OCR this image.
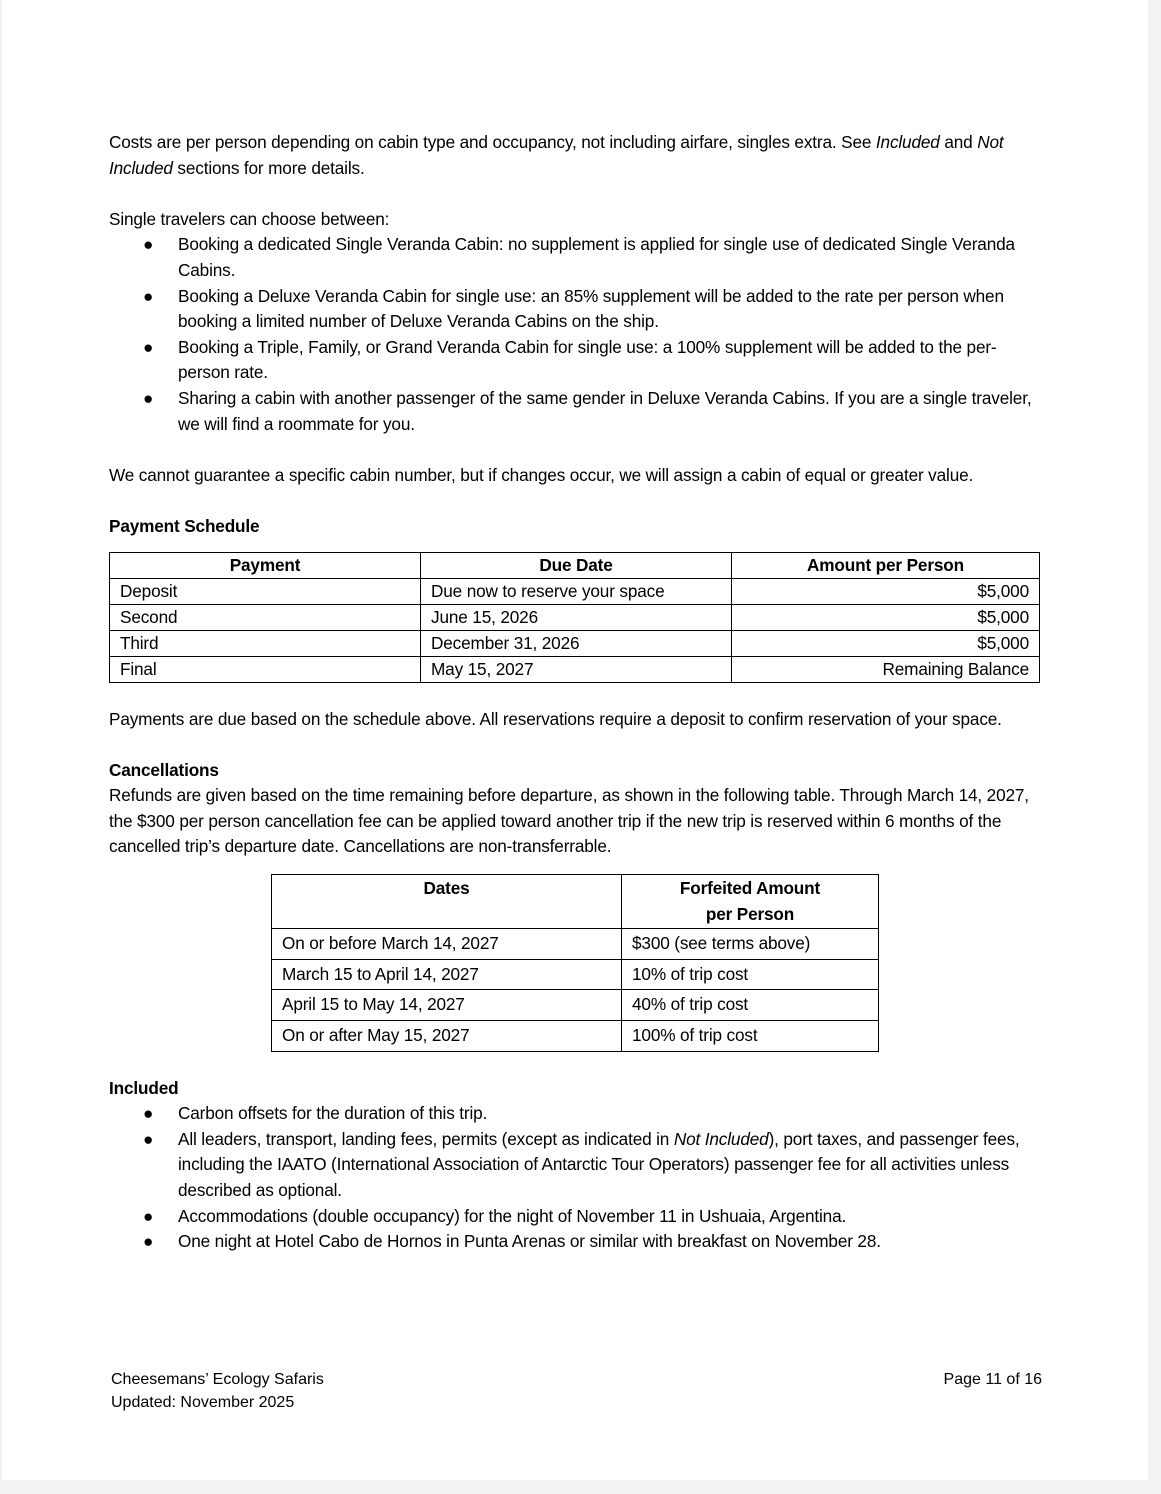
Costs are per person depending on cabin type and occupancy, not including airfare, singles extra. See Included and Not Included sections for more details.

Single travelers can choose between:

● Booking a dedicated Single Veranda Cabin: no supplement is applied for single use of dedicated Single Veranda Cabins.
● Booking a Deluxe Veranda Cabin for single use: an 85% supplement will be added to the rate per person when booking a limited number of Deluxe Veranda Cabins on the ship.
● Booking a Triple, Family, or Grand Veranda Cabin for single use: a 100% supplement will be added to the per-person rate.
● Sharing a cabin with another passenger of the same gender in Deluxe Veranda Cabins. If you are a single traveler, we will find a roommate for you.

We cannot guarantee a specific cabin number, but if changes occur, we will assign a cabin of equal or greater value.

Payment Schedule
Payment	Due Date	Amount per Person
Deposit	Due now to reserve your space	$5,000
Second	June 15, 2026	$5,000
Third	December 31, 2026	$5,000
Final	May 15, 2027	Remaining Balance

Payments are due based on the schedule above. All reservations require a deposit to confirm reservation of your space.

Cancellations

Refunds are given based on the time remaining before departure, as shown in the following table. Through March 14, 2027, the $300 per person cancellation fee can be applied toward another trip if the new trip is reserved within 6 months of the cancelled trip’s departure date. Cancellations are non-transferrable.

Dates	Forfeited Amount
per Person
On or before March 14, 2027	$300 (see terms above)
March 15 to April 14, 2027	10% of trip cost
April 15 to May 14, 2027	40% of trip cost
On or after May 15, 2027	100% of trip cost
Included
● Carbon offsets for the duration of this trip.
● All leaders, transport, landing fees, permits (except as indicated in Not Included), port taxes, and passenger fees, including the IAATO (International Association of Antarctic Tour Operators) passenger fee for all activities unless described as optional.
● Accommodations (double occupancy) for the night of November 11 in Ushuaia, Argentina.
● One night at Hotel Cabo de Hornos in Punta Arenas or similar with breakfast on November 28.
Cheesemans’ Ecology Safaris
Updated: November 2025
Page 11 of 16
